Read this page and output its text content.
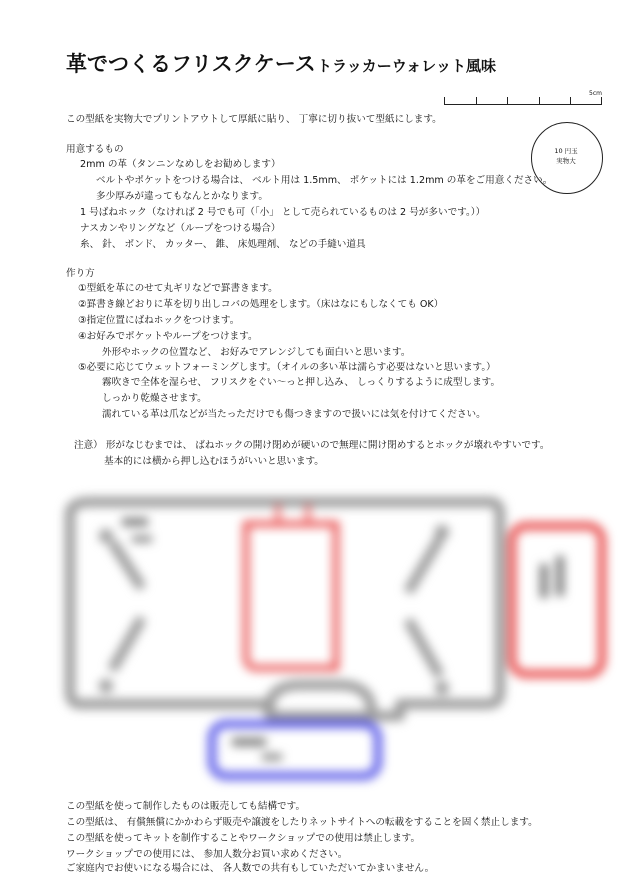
革でつくるフリスクケース トラッカーウォレット風味
5cm
10 円玉
実物大
この型紙を実物大でプリントアウトして厚紙に貼り、 丁寧に切り抜いて型紙にします。
用意するもの
2mm の革（タンニンなめしをお勧めします）
ベルトやポケットをつける場合は、 ベルト用は 1.5mm、 ポケットには 1.2mm の革をご用意ください。
多少厚みが違ってもなんとかなります。
1 号ばねホック（なければ 2 号でも可（「小」 として売られているものは 2 号が多いです。））
ナスカンやリングなど（ループをつける場合）
糸、 針、 ボンド、 カッター、 錐、 床処理剤、 などの手縫い道具
作り方
①型紙を革にのせて丸ギリなどで罫書きます。
②罫書き線どおりに革を切り出しコバの処理をします。（床はなにもしなくても OK）
③指定位置にばねホックをつけます。
④お好みでポケットやループをつけます。
外形やホックの位置など、 お好みでアレンジしても面白いと思います。
⑤必要に応じてウェットフォーミングします。（オイルの多い革は濡らす必要はないと思います。）
霧吹きで全体を湿らせ、 フリスクをぐい～っと押し込み、 しっくりするように成型します。
しっかり乾燥させます。
濡れている革は爪などが当たっただけでも傷つきますので扱いには気を付けてください。
注意） 形がなじむまでは、 ばねホックの開け閉めが硬いので無理に開け閉めするとホックが壊れやすいです。
基本的には横から押し込むほうがいいと思います。
この型紙を使って制作したものは販売しても結構です。
この型紙は、 有償無償にかかわらず販売や譲渡をしたりネットサイトへの転載をすることを固く禁止します。
この型紙を使ってキットを制作することやワークショップでの使用は禁止します。
ワークショップでの使用には、 参加人数分お買い求めください。
ご家庭内でお使いになる場合には、 各人数での共有もしていただいてかまいません。
